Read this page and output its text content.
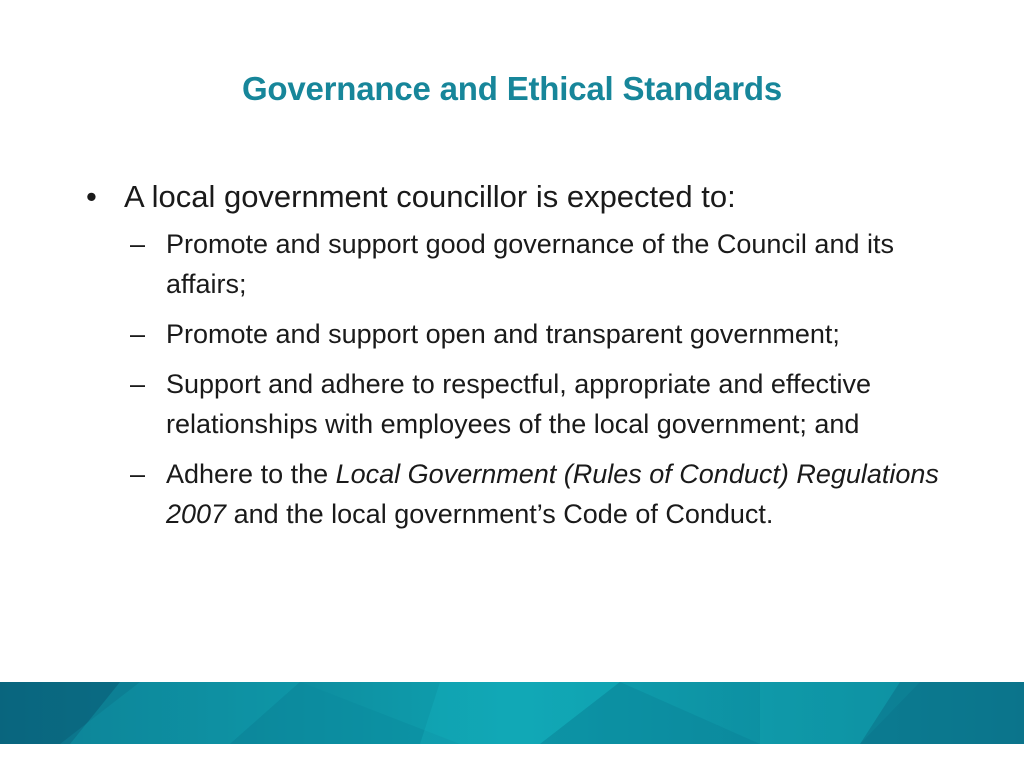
Governance and Ethical Standards
• A local government councillor is expected to:
– Promote and support good governance of the Council and its affairs;
– Promote and support open and transparent government;
– Support and adhere to respectful, appropriate and effective relationships with employees of the local government; and
– Adhere to the Local Government (Rules of Conduct) Regulations 2007 and the local government’s Code of Conduct.
